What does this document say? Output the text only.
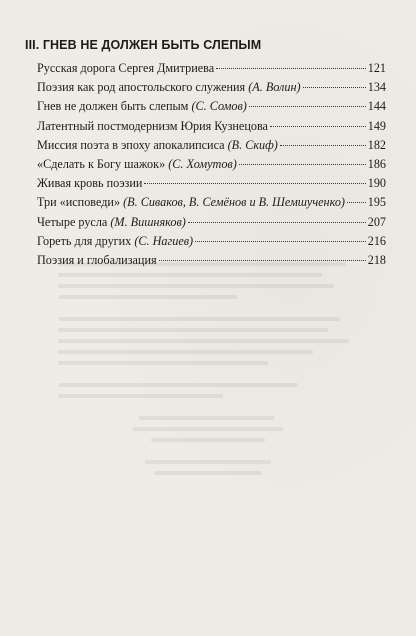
III. ГНЕВ НЕ ДОЛЖЕН БЫТЬ СЛЕПЫМ
Русская дорога Сергея Дмитриева	121
Поэзия как род апостольского служения (А. Волин)	134
Гнев не должен быть слепым (С. Сомов)	144
Латентный постмодернизм Юрия Кузнецова	149
Миссия поэта в эпоху апокалипсиса (В. Скиф)	182
«Сделать к Богу шажок» (С. Хомутов)	186
Живая кровь поэзии	190
Три «исповеди» (В. Сиваков, В. Семёнов и В. Шемшученко) 195
Четыре русла (М. Вишняков)	207
Гореть для других (С. Нагиев)	216
Поэзия и глобализация	218
